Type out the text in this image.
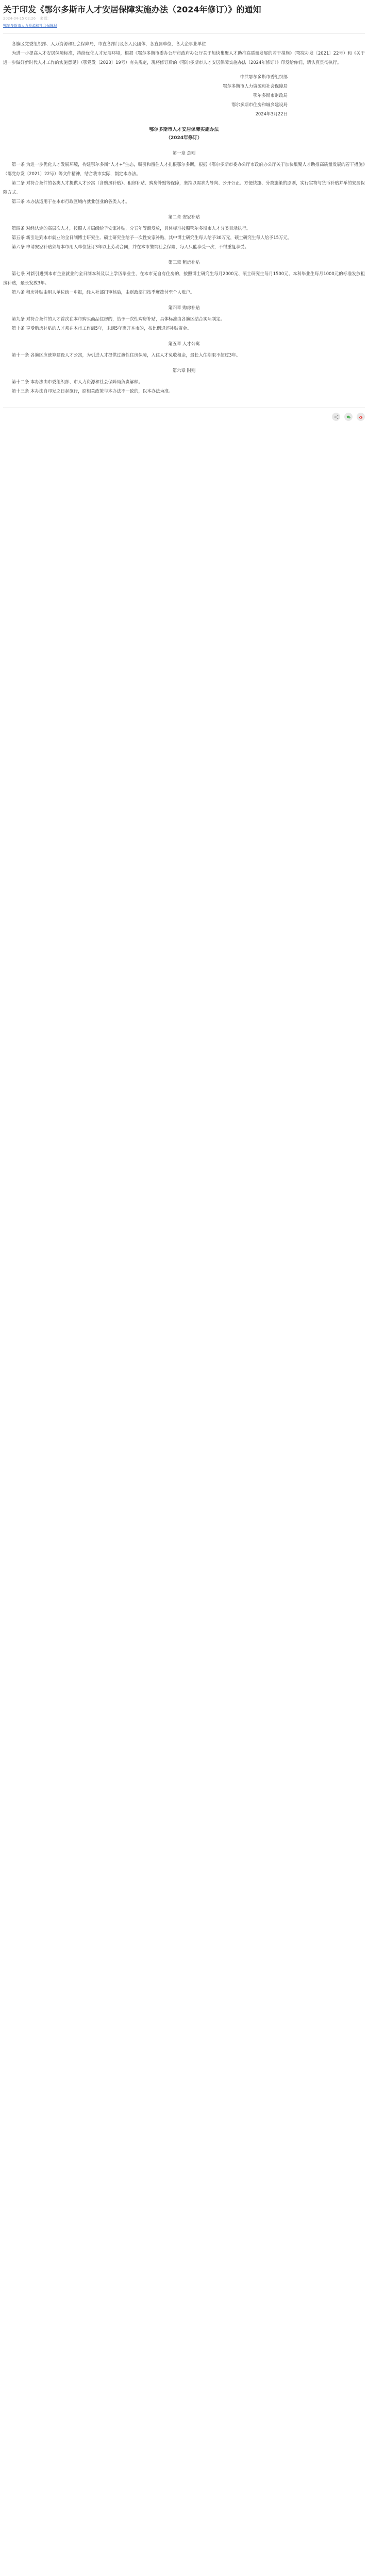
关于印发《鄂尔多斯市人才安居保障实施办法（2024年修订）》的通知
2024-04-15 02:26 来源：
鄂尔多斯市人力资源和社会保障局

各旗区党委组织部、人力资源和社会保障局，市直各部门及各人民团体，各直属单位，各大企事业单位：

为进一步提高人才安居保障标准，持续优化人才发展环境，根据《鄂尔多斯市委办公厅市政府办公厅关于加快集聚人才助推高质量发展的若干措施》（鄂党办发〔2021〕22号）和《关于进一步做好新时代人才工作的实施意见》（鄂党发〔2023〕19号）有关规定，现将修订后的《鄂尔多斯市人才安居保障实施办法（2024年修订）》印发给你们，请认真贯彻执行。

中共鄂尔多斯市委组织部
鄂尔多斯市人力资源和社会保障局
鄂尔多斯市财政局
鄂尔多斯市住房和城乡建设局
2024年3月22日
鄂尔多斯市人才安居保障实施办法
（2024年修订）
第一章 总则

第一条 为进一步优化人才发展环境，构建鄂尔多斯“人才+”生态，吸引和留住人才扎根鄂尔多斯，根据《鄂尔多斯市委办公厅市政府办公厅关于加快集聚人才助推高质量发展的若干措施》（鄂党办发〔2021〕22号）等文件精神，结合我市实际，制定本办法。

第二条 对符合条件的各类人才提供人才公寓（含购房补贴）、租房补贴、购房补贴等保障，坚持以需求为导向、公开公正、方便快捷、分类施策的原则，实行实物与货币补贴并举的安居保障方式。

第三条 本办法适用于在本市行政区域内就业创业的各类人才。

第二章 安家补贴

第四条 对经认定的高层次人才，按照人才层级给予安家补贴，分五年等额发放，具体标准按照鄂尔多斯市人才分类目录执行。

第五条 新引进到本市就业的全日制博士研究生、硕士研究生给予一次性安家补贴，其中博士研究生每人给予30万元，硕士研究生每人给予15万元。

第六条 申请安家补贴须与本市用人单位签订3年以上劳动合同，并在本市缴纳社会保险，每人只能享受一次，不得重复享受。

第三章 租房补贴

第七条 对新引进到本市企业就业的全日制本科及以上学历毕业生，在本市无自有住房的，按照博士研究生每月2000元、硕士研究生每月1500元、本科毕业生每月1000元的标准发放租房补贴，最长发放3年。

第八条 租房补贴由用人单位统一申报，经人社部门审核后，由财政部门按季度拨付至个人账户。

第四章 购房补贴

第九条 对符合条件的人才首次在本市购买商品住房的，给予一次性购房补贴，具体标准由各旗区结合实际制定。

第十条 享受购房补贴的人才须在本市工作满5年，未满5年离开本市的，按比例退还补贴资金。

第五章 人才公寓

第十一条 各旗区应统筹建设人才公寓，为引进人才提供过渡性住房保障，入住人才免收租金，最长入住期限不超过3年。

第六章 附则

第十二条 本办法由市委组织部、市人力资源和社会保障局负责解释。

第十三条 本办法自印发之日起施行，原相关政策与本办法不一致的，以本办法为准。
